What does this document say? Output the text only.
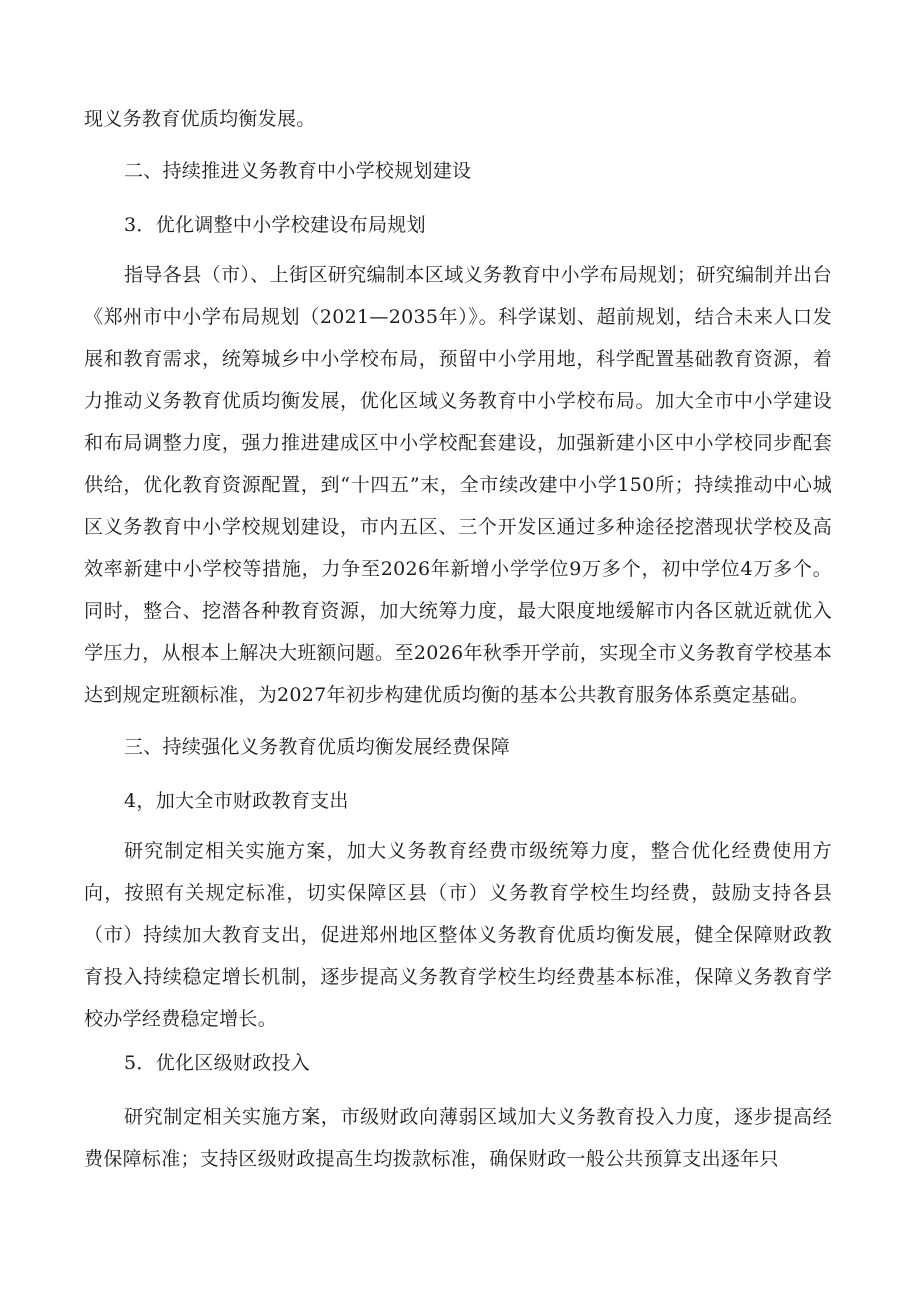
现义务教育优质均衡发展。

二、持续推进义务教育中小学校规划建设

3．优化调整中小学校建设布局规划

指导各县（市）、上街区研究编制本区域义务教育中小学布局规划；研究编制并出台《郑州市中小学布局规划（2021—2035年）》。科学谋划、超前规划，结合未来人口发展和教育需求，统筹城乡中小学校布局，预留中小学用地，科学配置基础教育资源，着力推动义务教育优质均衡发展，优化区域义务教育中小学校布局。加大全市中小学建设和布局调整力度，强力推进建成区中小学校配套建设，加强新建小区中小学校同步配套供给，优化教育资源配置，到“十四五”末，全市续改建中小学150所；持续推动中心城区义务教育中小学校规划建设，市内五区、三个开发区通过多种途径挖潜现状学校及高效率新建中小学校等措施，力争至2026年新增小学学位9万多个，初中学位4万多个。同时，整合、挖潜各种教育资源，加大统筹力度，最大限度地缓解市内各区就近就优入学压力，从根本上解决大班额问题。至2026年秋季开学前，实现全市义务教育学校基本达到规定班额标准，为2027年初步构建优质均衡的基本公共教育服务体系奠定基础。

三、持续强化义务教育优质均衡发展经费保障

4，加大全市财政教育支出

研究制定相关实施方案，加大义务教育经费市级统筹力度，整合优化经费使用方向，按照有关规定标准，切实保障区县（市）义务教育学校生均经费，鼓励支持各县（市）持续加大教育支出，促进郑州地区整体义务教育优质均衡发展，健全保障财政教育投入持续稳定增长机制，逐步提高义务教育学校生均经费基本标准，保障义务教育学校办学经费稳定增长。

5．优化区级财政投入

研究制定相关实施方案，市级财政向薄弱区域加大义务教育投入力度，逐步提高经费保障标准；支持区级财政提高生均拨款标准，确保财政一般公共预算支出逐年只
